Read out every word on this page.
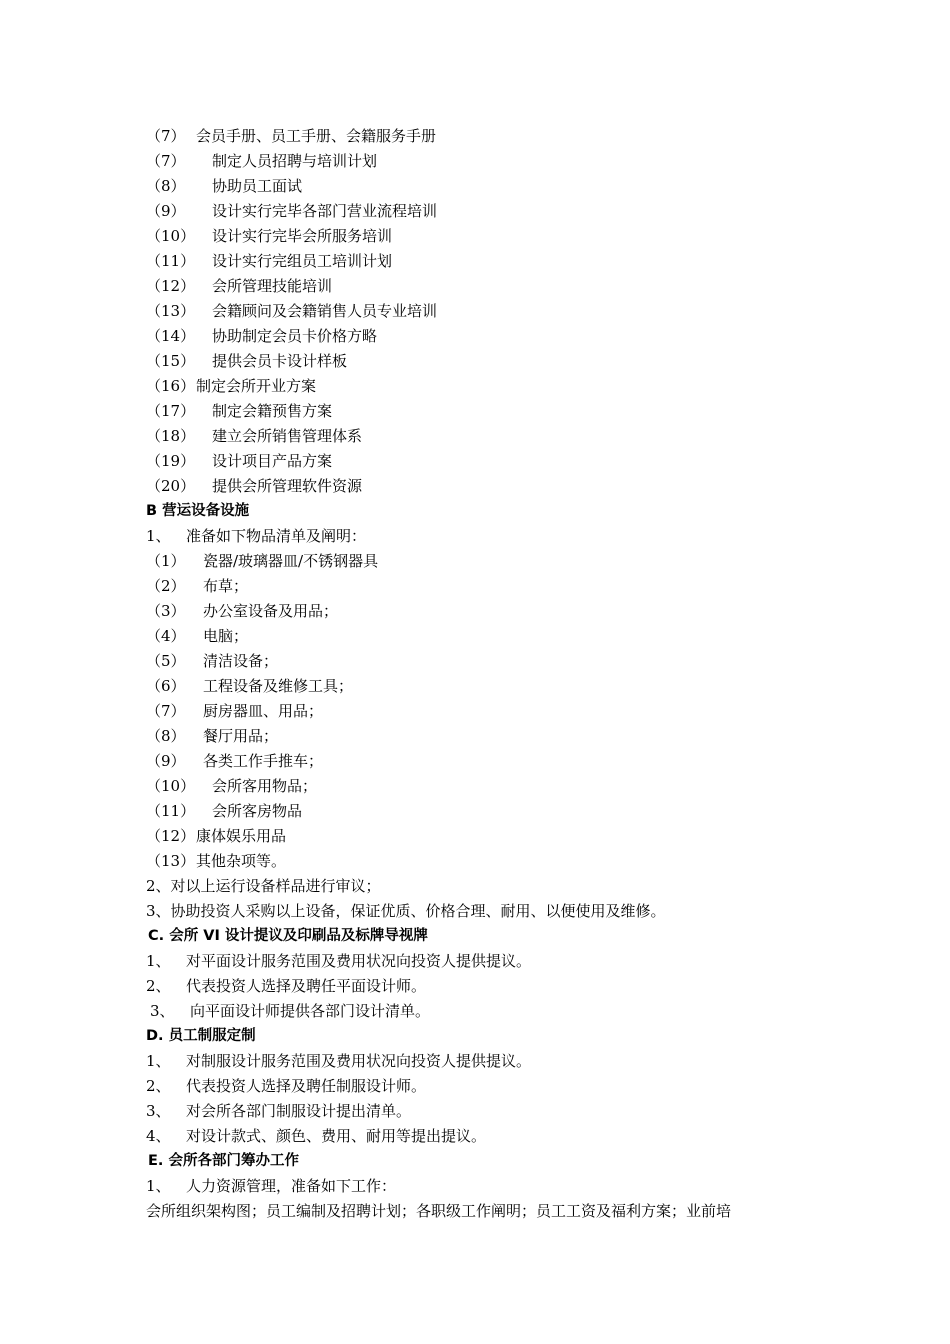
（7） 会员手册、员工手册、会籍服务手册
（7） 制定人员招聘与培训计划
（8） 协助员工面试
（9） 设计实行完毕各部门营业流程培训
（10） 设计实行完毕会所服务培训
（11） 设计实行完组员工培训计划
（12） 会所管理技能培训
（13） 会籍顾问及会籍销售人员专业培训
（14） 协助制定会员卡价格方略
（15） 提供会员卡设计样板
（16）制定会所开业方案
（17） 制定会籍预售方案
（18） 建立会所销售管理体系
（19） 设计项目产品方案
（20） 提供会所管理软件资源
B 营运设备设施
1、 准备如下物品清单及阐明：
（1） 瓷器/玻璃器皿/不锈钢器具
（2） 布草；
（3） 办公室设备及用品；
（4） 电脑；
（5） 清洁设备；
（6） 工程设备及维修工具；
（7） 厨房器皿、用品；
（8） 餐厅用品；
（9） 各类工作手推车；
（10） 会所客用物品；
（11） 会所客房物品
（12）康体娱乐用品
（13）其他杂项等。
2、对以上运行设备样品进行审议；
3、协助投资人采购以上设备，保证优质、价格合理、耐用、以便使用及维修。
C. 会所 VI 设计提议及印刷品及标牌导视牌
1、 对平面设计服务范围及费用状况向投资人提供提议。
2、 代表投资人选择及聘任平面设计师。
3、 向平面设计师提供各部门设计清单。
D. 员工制服定制
1、 对制服设计服务范围及费用状况向投资人提供提议。
2、 代表投资人选择及聘任制服设计师。
3、 对会所各部门制服设计提出清单。
4、 对设计款式、颜色、费用、耐用等提出提议。
E. 会所各部门筹办工作
1、 人力资源管理，准备如下工作：
会所组织架构图；员工编制及招聘计划；各职级工作阐明；员工工资及福利方案；业前培
